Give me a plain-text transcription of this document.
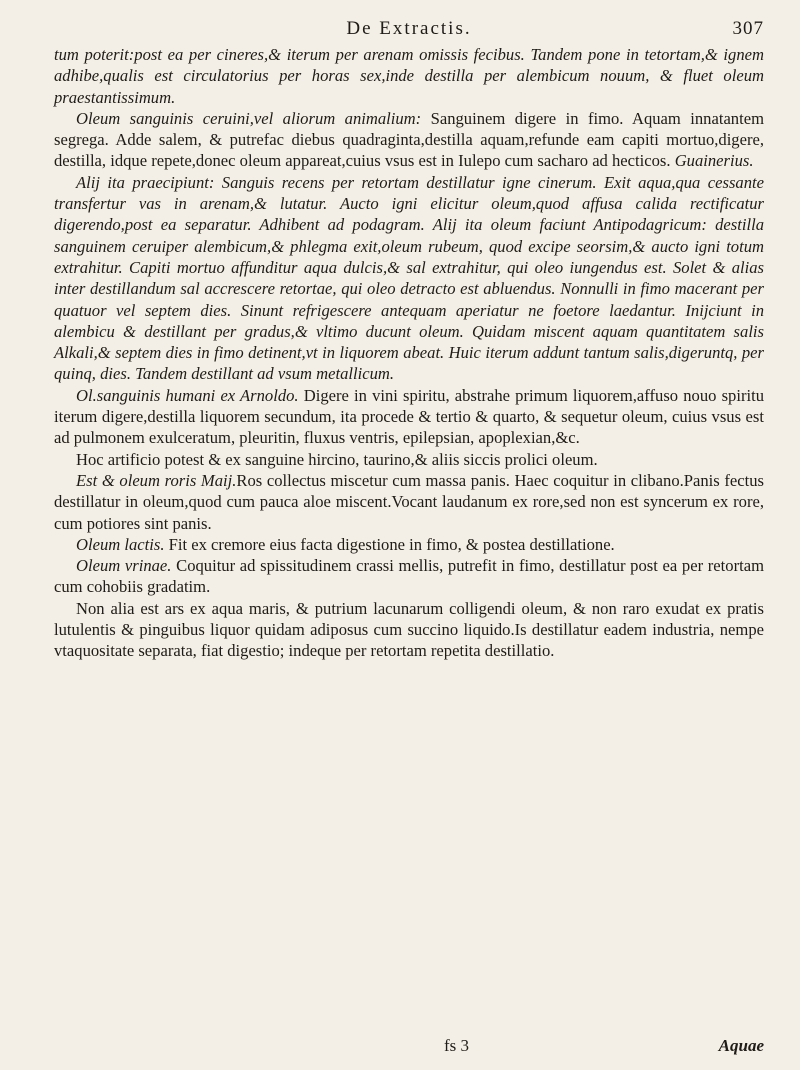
De Extractis.	307

tum poterit:post ea per cineres,& iterum per arenam omissis fecibus. Tandem pone in tetortam,& ignem adhibe,qualis est circulatorius per horas sex,inde destilla per alembicum nouum, & fluet oleum praestantissimum.

Oleum sanguinis ceruini,vel aliorum animalium: Sanguinem digere in fimo. Aquam innatantem segrega. Adde salem, & putrefac diebus quadraginta,destilla aquam,refunde eam capiti mortuo,digere, destilla, idque repete,donec oleum appareat,cuius vsus est in Iulepo cum sacharo ad hecticos. Guainerius.

Alij ita praecipiunt: Sanguis recens per retortam destillatur igne cinerum. Exit aqua,qua cessante transfertur vas in arenam,& lutatur. Aucto igni elicitur oleum,quod affusa calida rectificatur digerendo,post ea separatur. Adhibent ad podagram. Alij ita oleum faciunt Antipodagricum: destilla sanguinem ceruiper alembicum,& phlegma exit,oleum rubeum, quod excipe seorsim,& aucto igni totum extrahitur. Capiti mortuo affunditur aqua dulcis,& sal extrahitur, qui oleo iungendus est. Solet & alias inter destillandum sal accrescere retortae, qui oleo detracto est abluendus. Nonnulli in fimo macerant per quatuor vel septem dies. Sinunt refrigescere antequam aperiatur ne foetore laedantur. Inijciunt in alembicu & destillant per gradus,& vltimo ducunt oleum. Quidam miscent aquam quantitatem salis Alkali,& septem dies in fimo detinent,vt in liquorem abeat. Huic iterum addunt tantum salis,digeruntq, per quinq, dies. Tandem destillant ad vsum metallicum.

Ol.sanguinis humani ex Arnoldo. Digere in vini spiritu, abstrahe primum liquorem,affuso nouo spiritu iterum digere,destilla liquorem secundum, ita procede & tertio & quarto, & sequetur oleum, cuius vsus est ad pulmonem exulceratum, pleuritin, fluxus ventris, epilepsian, apoplexian,&c.

Hoc artificio potest & ex sanguine hircino, taurino,& aliis siccis prolici oleum.

Est & oleum roris Maij.Ros collectus miscetur cum massa panis. Haec coquitur in clibano.Panis fectus destillatur in oleum,quod cum pauca aloe miscent.Vocant laudanum ex rore,sed non est syncerum ex rore, cum potiores sint panis.

Oleum lactis. Fit ex cremore eius facta digestione in fimo, & postea destillatione.

Oleum vrinae. Coquitur ad spissitudinem crassi mellis, putrefit in fimo, destillatur post ea per retortam cum cohobiis gradatim.

Non alia est ars ex aqua maris, & putrium lacunarum colligendi oleum, & non raro exudat ex pratis lutulentis & pinguibus liquor quidam adiposus cum succino liquido.Is destillatur eadem industria, nempe vtaquositate separata, fiat digestio; indeque per retortam repetita destillatio.

fs 3	Aquae
